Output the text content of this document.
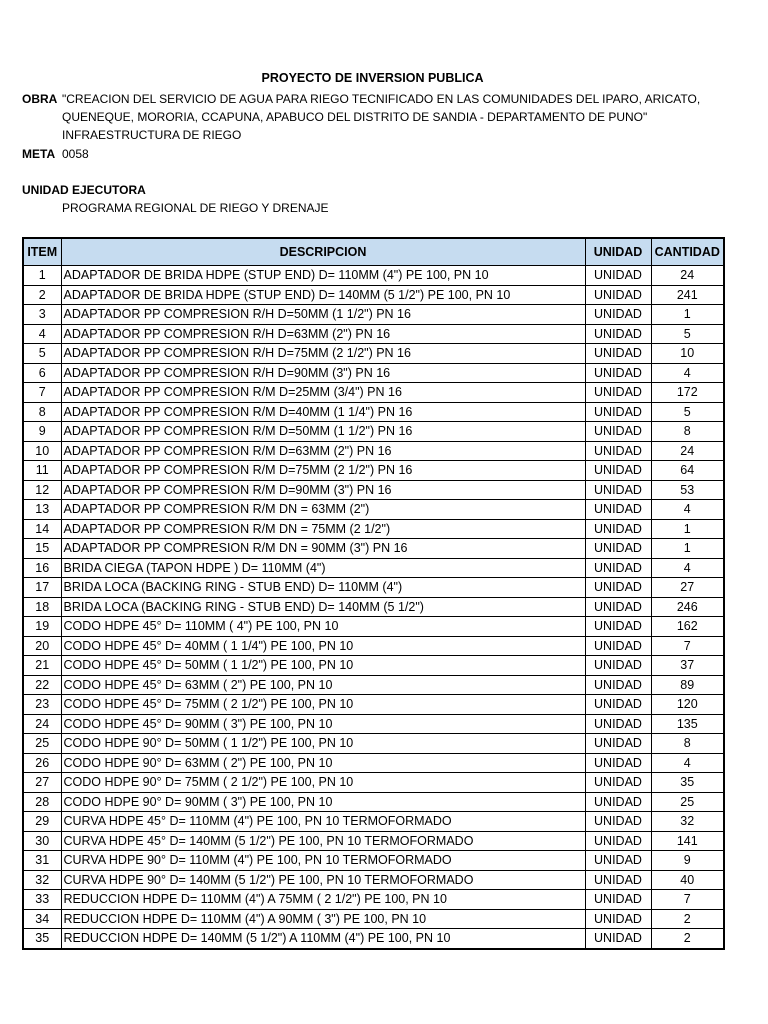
PROYECTO DE INVERSION PUBLICA
OBRA "CREACION DEL SERVICIO DE AGUA PARA RIEGO TECNIFICADO EN LAS COMUNIDADES DEL IPARO, ARICATO,
QUENEQUE, MORORIA, CCAPUNA, APABUCO DEL DISTRITO DE SANDIA - DEPARTAMENTO DE PUNO"
INFRAESTRUCTURA DE RIEGO
META 0058
UNIDAD EJECUTORA
PROGRAMA REGIONAL DE RIEGO Y DRENAJE
ITEM	DESCRIPCION	UNIDAD	CANTIDAD
1	ADAPTADOR DE BRIDA HDPE (STUP END) D= 110MM (4") PE 100, PN 10	UNIDAD	24
2	ADAPTADOR DE BRIDA HDPE (STUP END) D= 140MM (5 1/2") PE 100, PN 10	UNIDAD	241
3	ADAPTADOR PP COMPRESION R/H D=50MM (1 1/2") PN 16	UNIDAD	1
4	ADAPTADOR PP COMPRESION R/H D=63MM (2") PN 16	UNIDAD	5
5	ADAPTADOR PP COMPRESION R/H D=75MM (2 1/2") PN 16	UNIDAD	10
6	ADAPTADOR PP COMPRESION R/H D=90MM (3") PN 16	UNIDAD	4
7	ADAPTADOR PP COMPRESION R/M D=25MM (3/4") PN 16	UNIDAD	172
8	ADAPTADOR PP COMPRESION R/M D=40MM (1 1/4") PN 16	UNIDAD	5
9	ADAPTADOR PP COMPRESION R/M D=50MM (1 1/2") PN 16	UNIDAD	8
10	ADAPTADOR PP COMPRESION R/M D=63MM (2") PN 16	UNIDAD	24
11	ADAPTADOR PP COMPRESION R/M D=75MM (2 1/2") PN 16	UNIDAD	64
12	ADAPTADOR PP COMPRESION R/M D=90MM (3") PN 16	UNIDAD	53
13	ADAPTADOR PP COMPRESION R/M DN = 63MM (2")	UNIDAD	4
14	ADAPTADOR PP COMPRESION R/M DN = 75MM (2 1/2")	UNIDAD	1
15	ADAPTADOR PP COMPRESION R/M DN = 90MM (3") PN 16	UNIDAD	1
16	BRIDA CIEGA (TAPON HDPE ) D= 110MM (4")	UNIDAD	4
17	BRIDA LOCA (BACKING RING - STUB END) D= 110MM (4")	UNIDAD	27
18	BRIDA LOCA (BACKING RING - STUB END) D= 140MM (5 1/2")	UNIDAD	246
19	CODO HDPE 45° D= 110MM ( 4") PE 100, PN 10	UNIDAD	162
20	CODO HDPE 45° D= 40MM ( 1 1/4") PE 100, PN 10	UNIDAD	7
21	CODO HDPE 45° D= 50MM ( 1 1/2") PE 100, PN 10	UNIDAD	37
22	CODO HDPE 45° D= 63MM ( 2") PE 100, PN 10	UNIDAD	89
23	CODO HDPE 45° D= 75MM ( 2 1/2") PE 100, PN 10	UNIDAD	120
24	CODO HDPE 45° D= 90MM ( 3") PE 100, PN 10	UNIDAD	135
25	CODO HDPE 90° D= 50MM ( 1 1/2") PE 100, PN 10	UNIDAD	8
26	CODO HDPE 90° D= 63MM ( 2") PE 100, PN 10	UNIDAD	4
27	CODO HDPE 90° D= 75MM ( 2 1/2") PE 100, PN 10	UNIDAD	35
28	CODO HDPE 90° D= 90MM ( 3") PE 100, PN 10	UNIDAD	25
29	CURVA HDPE 45° D= 110MM (4") PE 100, PN 10 TERMOFORMADO	UNIDAD	32
30	CURVA HDPE 45° D= 140MM (5 1/2") PE 100, PN 10 TERMOFORMADO	UNIDAD	141
31	CURVA HDPE 90° D= 110MM (4") PE 100, PN 10 TERMOFORMADO	UNIDAD	9
32	CURVA HDPE 90° D= 140MM (5 1/2") PE 100, PN 10 TERMOFORMADO	UNIDAD	40
33	REDUCCION HDPE D= 110MM (4") A 75MM ( 2 1/2") PE 100, PN 10	UNIDAD	7
34	REDUCCION HDPE D= 110MM (4") A 90MM ( 3") PE 100, PN 10	UNIDAD	2
35	REDUCCION HDPE D= 140MM (5 1/2") A 110MM (4") PE 100, PN 10	UNIDAD	2
